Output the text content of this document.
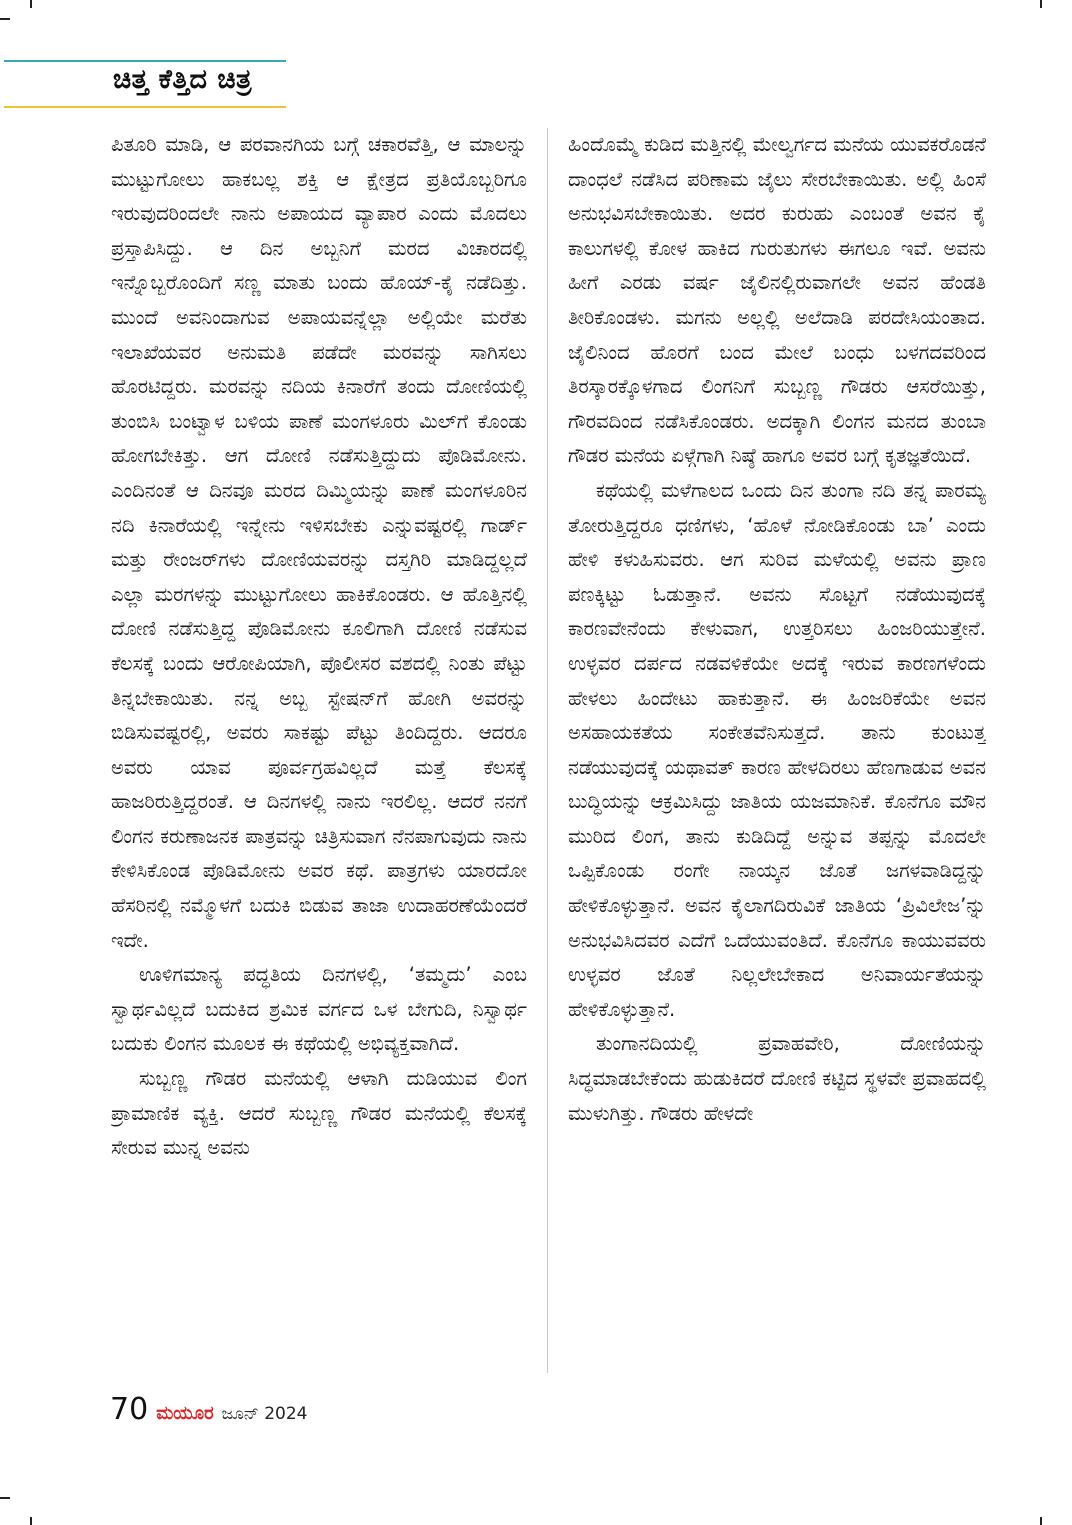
ಚಿತ್ತ ಕೆತ್ತಿದ ಚಿತ್ರ

ಪಿತೂರಿ ಮಾಡಿ, ಆ ಪರವಾನಗಿಯ ಬಗ್ಗೆ ಚಕಾರವೆತ್ತಿ, ಆ ಮಾಲನ್ನು ಮುಟ್ಟುಗೋಲು ಹಾಕಬಲ್ಲ ಶಕ್ತಿ ಆ ಕ್ಷೇತ್ರದ ಪ್ರತಿಯೊಬ್ಬರಿಗೂ ಇರುವುದರಿಂದಲೇ ನಾನು ಅಪಾಯದ ವ್ಯಾಪಾರ ಎಂದು ಮೊದಲು ಪ್ರಸ್ತಾಪಿಸಿದ್ದು. ಆ ದಿನ ಅಬ್ಬನಿಗೆ ಮರದ ವಿಚಾರದಲ್ಲಿ ಇನ್ನೊಬ್ಬರೊಂದಿಗೆ ಸಣ್ಣ ಮಾತು ಬಂದು ಹೊಯ್-ಕೈ ನಡೆದಿತ್ತು. ಮುಂದೆ ಅವನಿಂದಾಗುವ ಅಪಾಯವನ್ನೆಲ್ಲಾ ಅಲ್ಲಿಯೇ ಮರೆತು ಇಲಾಖೆಯವರ ಅನುಮತಿ ಪಡೆದೇ ಮರವನ್ನು ಸಾಗಿಸಲು ಹೊರಟಿದ್ದರು. ಮರವನ್ನು ನದಿಯ ಕಿನಾರೆಗೆ ತಂದು ದೋಣಿಯಲ್ಲಿ ತುಂಬಿಸಿ ಬಂಟ್ವಾಳ ಬಳಿಯ ಪಾಣೆ ಮಂಗಳೂರು ಮಿಲ್‌ಗೆ ಕೊಂಡು ಹೋಗಬೇಕಿತ್ತು. ಆಗ ದೋಣಿ ನಡೆಸುತ್ತಿದ್ದುದು ಪೊಡಿಮೋನು. ಎಂದಿನಂತೆ ಆ ದಿನವೂ ಮರದ ದಿಮ್ಮಿಯನ್ನು ಪಾಣೆ ಮಂಗಳೂರಿನ ನದಿ ಕಿನಾರೆಯಲ್ಲಿ ಇನ್ನೇನು ಇಳಿಸಬೇಕು ಎನ್ನುವಷ್ಟರಲ್ಲಿ ಗಾರ್ಡ್ ಮತ್ತು ರೇಂಜರ್‌ಗಳು ದೋಣಿಯವರನ್ನು ದಸ್ತಗಿರಿ ಮಾಡಿದ್ದಲ್ಲದೆ ಎಲ್ಲಾ ಮರಗಳನ್ನು ಮುಟ್ಟುಗೋಲು ಹಾಕಿಕೊಂಡರು. ಆ ಹೊತ್ತಿನಲ್ಲಿ ದೋಣಿ ನಡೆಸುತ್ತಿದ್ದ ಪೊಡಿಮೋನು ಕೂಲಿಗಾಗಿ ದೋಣಿ ನಡೆಸುವ ಕೆಲಸಕ್ಕೆ ಬಂದು ಆರೋಪಿಯಾಗಿ, ಪೊಲೀಸರ ವಶದಲ್ಲಿ ನಿಂತು ಪೆಟ್ಟು ತಿನ್ನಬೇಕಾಯಿತು. ನನ್ನ ಅಬ್ಬ ಸ್ಟೇಷನ್‌ಗೆ ಹೋಗಿ ಅವರನ್ನು ಬಿಡಿಸುವಷ್ಟರಲ್ಲಿ, ಅವರು ಸಾಕಷ್ಟು ಪೆಟ್ಟು ತಿಂದಿದ್ದರು. ಆದರೂ ಅವರು ಯಾವ ಪೂರ್ವಗ್ರಹವಿಲ್ಲದೆ ಮತ್ತೆ ಕೆಲಸಕ್ಕೆ ಹಾಜರಿರುತ್ತಿದ್ದರಂತೆ. ಆ ದಿನಗಳಲ್ಲಿ ನಾನು ಇರಲಿಲ್ಲ. ಆದರೆ ನನಗೆ ಲಿಂಗನ ಕರುಣಾಜನಕ ಪಾತ್ರವನ್ನು ಚಿತ್ರಿಸುವಾಗ ನೆನಪಾಗುವುದು ನಾನು ಕೇಳಿಸಿಕೊಂಡ ಪೊಡಿಮೋನು ಅವರ ಕಥೆ. ಪಾತ್ರಗಳು ಯಾರದೋ ಹೆಸರಿನಲ್ಲಿ ನಮ್ಮೊಳಗೆ ಬದುಕಿ ಬಿಡುವ ತಾಜಾ ಉದಾಹರಣೆಯೆಂದರೆ ಇದೇ.

ಊಳಿಗಮಾನ್ಯ ಪದ್ಧತಿಯ ದಿನಗಳಲ್ಲಿ, ‘ತಮ್ಮದು’ ಎಂಬ ಸ್ವಾರ್ಥವಿಲ್ಲದೆ ಬದುಕಿದ ಶ್ರಮಿಕ ವರ್ಗದ ಒಳ ಬೇಗುದಿ, ನಿಸ್ವಾರ್ಥ ಬದುಕು ಲಿಂಗನ ಮೂಲಕ ಈ ಕಥೆಯಲ್ಲಿ ಅಭಿವ್ಯಕ್ತವಾಗಿದೆ.

ಸುಬ್ಬಣ್ಣ ಗೌಡರ ಮನೆಯಲ್ಲಿ ಆಳಾಗಿ ದುಡಿಯುವ ಲಿಂಗ ಪ್ರಾಮಾಣಿಕ ವ್ಯಕ್ತಿ. ಆದರೆ ಸುಬ್ಬಣ್ಣ ಗೌಡರ ಮನೆಯಲ್ಲಿ ಕೆಲಸಕ್ಕೆ ಸೇರುವ ಮುನ್ನ ಅವನು

ಹಿಂದೊಮ್ಮೆ ಕುಡಿದ ಮತ್ತಿನಲ್ಲಿ ಮೇಲ್ವರ್ಗದ ಮನೆಯ ಯುವಕರೊಡನೆ ದಾಂಧಲೆ ನಡೆಸಿದ ಪರಿಣಾಮ ಜೈಲು ಸೇರಬೇಕಾಯಿತು. ಅಲ್ಲಿ ಹಿಂಸೆ ಅನುಭವಿಸಬೇಕಾಯಿತು. ಅದರ ಕುರುಹು ಎಂಬಂತೆ ಅವನ ಕೈ ಕಾಲುಗಳಲ್ಲಿ ಕೋಳ ಹಾಕಿದ ಗುರುತುಗಳು ಈಗಲೂ ಇವೆ. ಅವನು ಹೀಗೆ ಎರಡು ವರ್ಷ ಜೈಲಿನಲ್ಲಿರುವಾಗಲೇ ಅವನ ಹೆಂಡತಿ ತೀರಿಕೊಂಡಳು. ಮಗನು ಅಲ್ಲಲ್ಲಿ ಅಲೆದಾಡಿ ಪರದೇಸಿಯಂತಾದ. ಜೈಲಿನಿಂದ ಹೊರಗೆ ಬಂದ ಮೇಲೆ ಬಂಧು ಬಳಗದವರಿಂದ ತಿರಸ್ಕಾರಕ್ಕೊಳಗಾದ ಲಿಂಗನಿಗೆ ಸುಬ್ಬಣ್ಣ ಗೌಡರು ಆಸರೆಯಿತ್ತು, ಗೌರವದಿಂದ ನಡೆಸಿಕೊಂಡರು. ಅದಕ್ಕಾಗಿ ಲಿಂಗನ ಮನದ ತುಂಬಾ ಗೌಡರ ಮನೆಯ ಏಳ್ಗೆಗಾಗಿ ನಿಷ್ಠೆ ಹಾಗೂ ಅವರ ಬಗ್ಗೆ ಕೃತಜ್ಞತೆಯಿದೆ.

ಕಥೆಯಲ್ಲಿ ಮಳೆಗಾಲದ ಒಂದು ದಿನ ತುಂಗಾ ನದಿ ತನ್ನ ಪಾರಮ್ಯ ತೋರುತ್ತಿದ್ದರೂ ಧಣಿಗಳು, ‘ಹೊಳೆ ನೋಡಿಕೊಂಡು ಬಾ’ ಎಂದು ಹೇಳಿ ಕಳುಹಿಸುವರು. ಆಗ ಸುರಿವ ಮಳೆಯಲ್ಲಿ ಅವನು ಪ್ರಾಣ ಪಣಕ್ಕಿಟ್ಟು ಓಡುತ್ತಾನೆ. ಅವನು ಸೊಟ್ಟಗೆ ನಡೆಯುವುದಕ್ಕೆ ಕಾರಣವೇನೆಂದು ಕೇಳುವಾಗ, ಉತ್ತರಿಸಲು ಹಿಂಜರಿಯುತ್ತೇನೆ. ಉಳ್ಳವರ ದರ್ಪದ ನಡವಳಿಕೆಯೇ ಅದಕ್ಕೆ ಇರುವ ಕಾರಣಗಳೆಂದು ಹೇಳಲು ಹಿಂದೇಟು ಹಾಕುತ್ತಾನೆ. ಈ ಹಿಂಜರಿಕೆಯೇ ಅವನ ಅಸಹಾಯಕತೆಯ ಸಂಕೇತವೆನಿಸುತ್ತದೆ. ತಾನು ಕುಂಟುತ್ತ ನಡೆಯುವುದಕ್ಕೆ ಯಥಾವತ್ ಕಾರಣ ಹೇಳದಿರಲು ಹೆಣಗಾಡುವ ಅವನ ಬುದ್ಧಿಯನ್ನು ಆಕ್ರಮಿಸಿದ್ದು ಜಾತಿಯ ಯಜಮಾನಿಕೆ. ಕೊನೆಗೂ ಮೌನ ಮುರಿದ ಲಿಂಗ, ತಾನು ಕುಡಿದಿದ್ದೆ ಅನ್ನುವ ತಪ್ಪನ್ನು ಮೊದಲೇ ಒಪ್ಪಿಕೊಂಡು ರಂಗೇ ನಾಯ್ಕನ ಜೊತೆ ಜಗಳವಾಡಿದ್ದನ್ನು ಹೇಳಿಕೊಳ್ಳುತ್ತಾನೆ. ಅವನ ಕೈಲಾಗದಿರುವಿಕೆ ಜಾತಿಯ ‘ಪ್ರಿವಿಲೇಜ’ನ್ನು ಅನುಭವಿಸಿದವರ ಎದೆಗೆ ಒದೆಯುವಂತಿದೆ. ಕೊನೆಗೂ ಕಾಯುವವರು ಉಳ್ಳವರ ಜೊತೆ ನಿಲ್ಲಲೇಬೇಕಾದ ಅನಿವಾರ್ಯತೆಯನ್ನು ಹೇಳಿಕೊಳ್ಳುತ್ತಾನೆ.

ತುಂಗಾನದಿಯಲ್ಲಿ ಪ್ರವಾಹವೇರಿ, ದೋಣಿಯನ್ನು ಸಿದ್ಧಮಾಡಬೇಕೆಂದು ಹುಡುಕಿದರೆ ದೋಣಿ ಕಟ್ಟಿದ ಸ್ಥಳವೇ ಪ್ರವಾಹದಲ್ಲಿ ಮುಳುಗಿತ್ತು. ಗೌಡರು ಹೇಳದೇ

70 ಮಯೂರ ಜೂನ್ 2024
